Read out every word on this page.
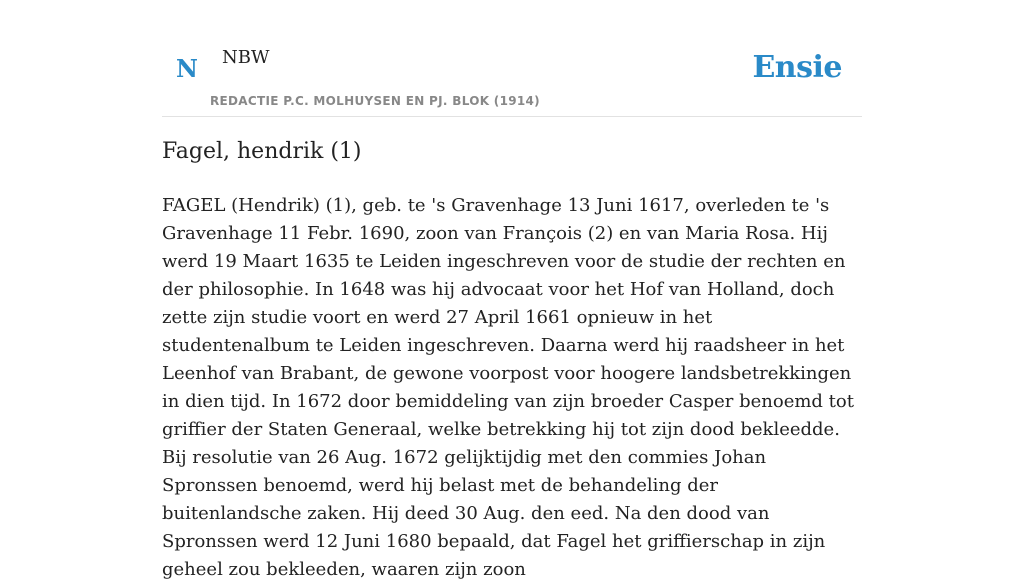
N NBW	Ensie
REDACTIE P.C. MOLHUYSEN EN PJ. BLOK (1914)
Fagel, hendrik (1)

FAGEL (Hendrik) (1), geb. te 's Gravenhage 13 Juni 1617, overleden te 's Gravenhage 11 Febr. 1690, zoon van François (2) en van Maria Rosa. Hij werd 19 Maart 1635 te Leiden ingeschreven voor de studie der rechten en der philosophie. In 1648 was hij advocaat voor het Hof van Holland, doch zette zijn studie voort en werd 27 April 1661 opnieuw in het studentenalbum te Leiden ingeschreven. Daarna werd hij raadsheer in het Leenhof van Brabant, de gewone voorpost voor hoogere landsbetrekkingen in dien tijd. In 1672 door bemiddeling van zijn broeder Casper benoemd tot griffier der Staten Generaal, welke betrekking hij tot zijn dood bekleedde. Bij resolutie van 26 Aug. 1672 gelijktijdig met den commies Johan Spronssen benoemd, werd hij belast met de behandeling der buitenlandsche zaken. Hij deed 30 Aug. den eed. Na den dood van Spronssen werd 12 Juni 1680 bepaald, dat Fagel het griffierschap in zijn geheel zou bekleeden, waaren zijn zoon
